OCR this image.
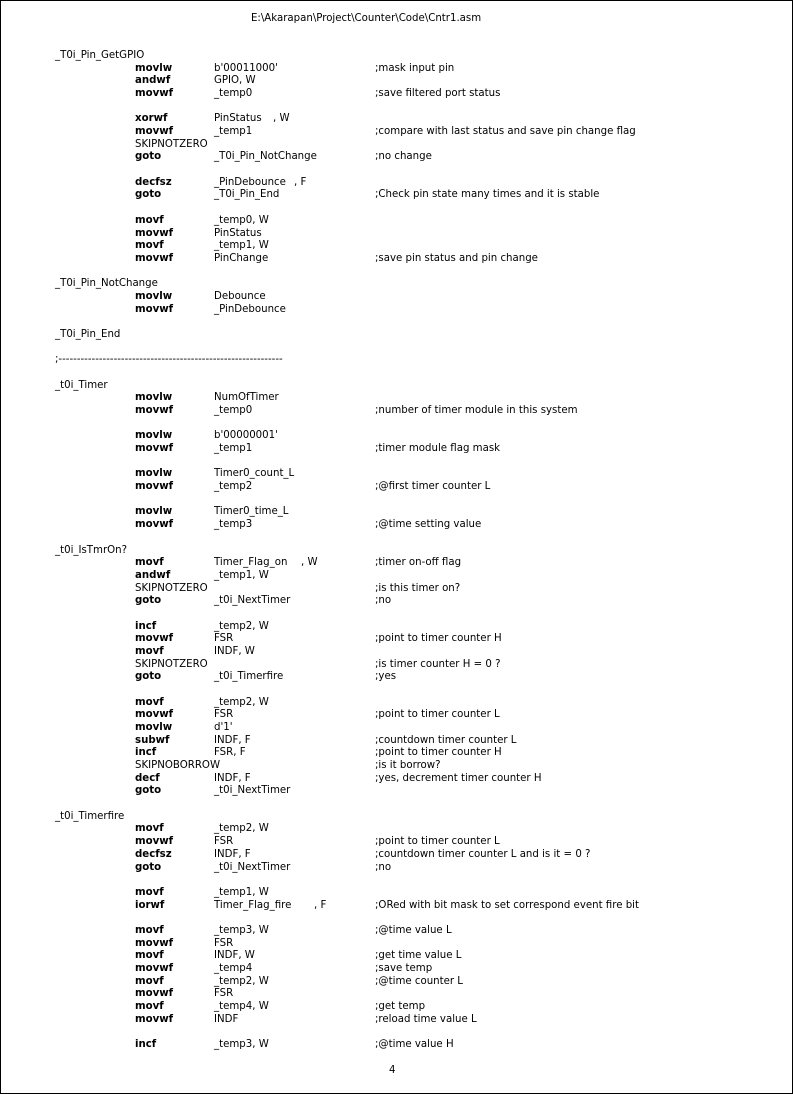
E:\Akarapan\Project\Counter\Code\Cntr1.asm
_T0i_Pin_GetGPIO
movlw	b'00011000'	;mask input pin
andwf	GPIO, W
movwf	_temp0	;save filtered port status
xorwf	PinStatus , W
movwf	_temp1	;compare with last status and save pin change flag
SKIPNOTZERO
goto	_T0i_Pin_NotChange	;no change
decfsz	_PinDebounce , F
goto	_T0i_Pin_End	;Check pin state many times and it is stable
movf	_temp0, W
movwf	PinStatus
movf	_temp1, W
movwf	PinChange	;save pin status and pin change
_T0i_Pin_NotChange
movlw	Debounce
movwf	_PinDebounce
_T0i_Pin_End
;-------------------------------------------------------------
_t0i_Timer
movlw	NumOfTimer
movwf	_temp0	;number of timer module in this system
movlw	b'00000001'
movwf	_temp1	;timer module flag mask
movlw	Timer0_count_L
movwf	_temp2	;@first timer counter L
movlw	Timer0_time_L
movwf	_temp3	;@time setting value
_t0i_IsTmrOn?
movf	Timer_Flag_on , W	;timer on-off flag
andwf	_temp1, W
SKIPNOTZERO	;is this timer on?
goto	_t0i_NextTimer	;no
incf	_temp2, W
movwf	FSR	;point to timer counter H
movf	INDF, W
SKIPNOTZERO	;is timer counter H = 0 ?
goto	_t0i_Timerfire	;yes
movf	_temp2, W
movwf	FSR	;point to timer counter L
movlw	d'1'
subwf	INDF, F	;countdown timer counter L
incf	FSR, F	;point to timer counter H
SKIPNOBORROW	;is it borrow?
decf	INDF, F	;yes, decrement timer counter H
goto	_t0i_NextTimer
_t0i_Timerfire
movf	_temp2, W
movwf	FSR	;point to timer counter L
decfsz	INDF, F	;countdown timer counter L and is it = 0 ?
goto	_t0i_NextTimer	;no
movf	_temp1, W
iorwf	Timer_Flag_fire , F	;ORed with bit mask to set correspond event fire bit
movf	_temp3, W	;@time value L
movwf	FSR
movf	INDF, W	;get time value L
movwf	_temp4	;save temp
movf	_temp2, W	;@time counter L
movwf	FSR
movf	_temp4, W	;get temp
movwf	INDF	;reload time value L
incf	_temp3, W	;@time value H
4
